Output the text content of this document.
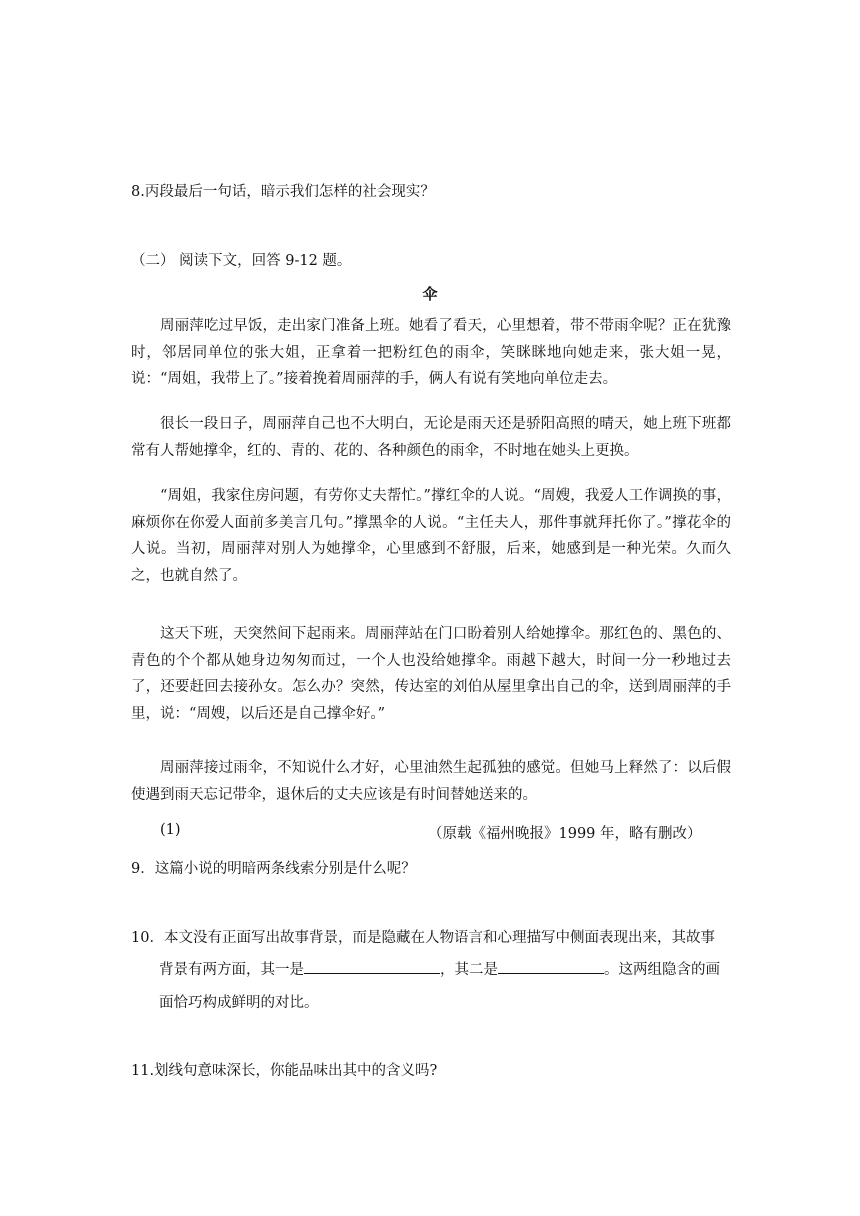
8.丙段最后一句话，暗示我们怎样的社会现实？
（二） 阅读下文，回答 9-12 题。
伞
周丽萍吃过早饭，走出家门准备上班。她看了看天，心里想着，带不带雨伞呢？正在犹豫时，邻居同单位的张大姐，正拿着一把粉红色的雨伞，笑眯眯地向她走来，张大姐一晃，说：“周姐，我带上了。”接着挽着周丽萍的手，俩人有说有笑地向单位走去。
很长一段日子，周丽萍自己也不大明白，无论是雨天还是骄阳高照的晴天，她上班下班都常有人帮她撑伞，红的、青的、花的、各种颜色的雨伞，不时地在她头上更换。
“周姐，我家住房问题，有劳你丈夫帮忙。”撑红伞的人说。“周嫂，我爱人工作调换的事，麻烦你在你爱人面前多美言几句。”撑黑伞的人说。“主任夫人，那件事就拜托你了。”撑花伞的人说。当初，周丽萍对别人为她撑伞，心里感到不舒服，后来，她感到是一种光荣。久而久之，也就自然了。
这天下班，天突然间下起雨来。周丽萍站在门口盼着别人给她撑伞。那红色的、黑色的、青色的个个都从她身边匆匆而过，一个人也没给她撑伞。雨越下越大，时间一分一秒地过去了，还要赶回去接孙女。怎么办？突然，传达室的刘伯从屋里拿出自己的伞，送到周丽萍的手里，说：“周嫂，以后还是自己撑伞好。”
周丽萍接过雨伞，不知说什么才好，心里油然生起孤独的感觉。但她马上释然了：以后假使遇到雨天忘记带伞，退休后的丈夫应该是有时间替她送来的。
(1)	（原载《福州晚报》1999 年，略有删改）
9．这篇小说的明暗两条线索分别是什么呢？
10．本文没有正面写出故事背景，而是隐藏在人物语言和心理描写中侧面表现出来，其故事
背景有两方面，其一是	，其二是	。这两组隐含的画
面恰巧构成鲜明的对比。
11.划线句意味深长，你能品味出其中的含义吗?
